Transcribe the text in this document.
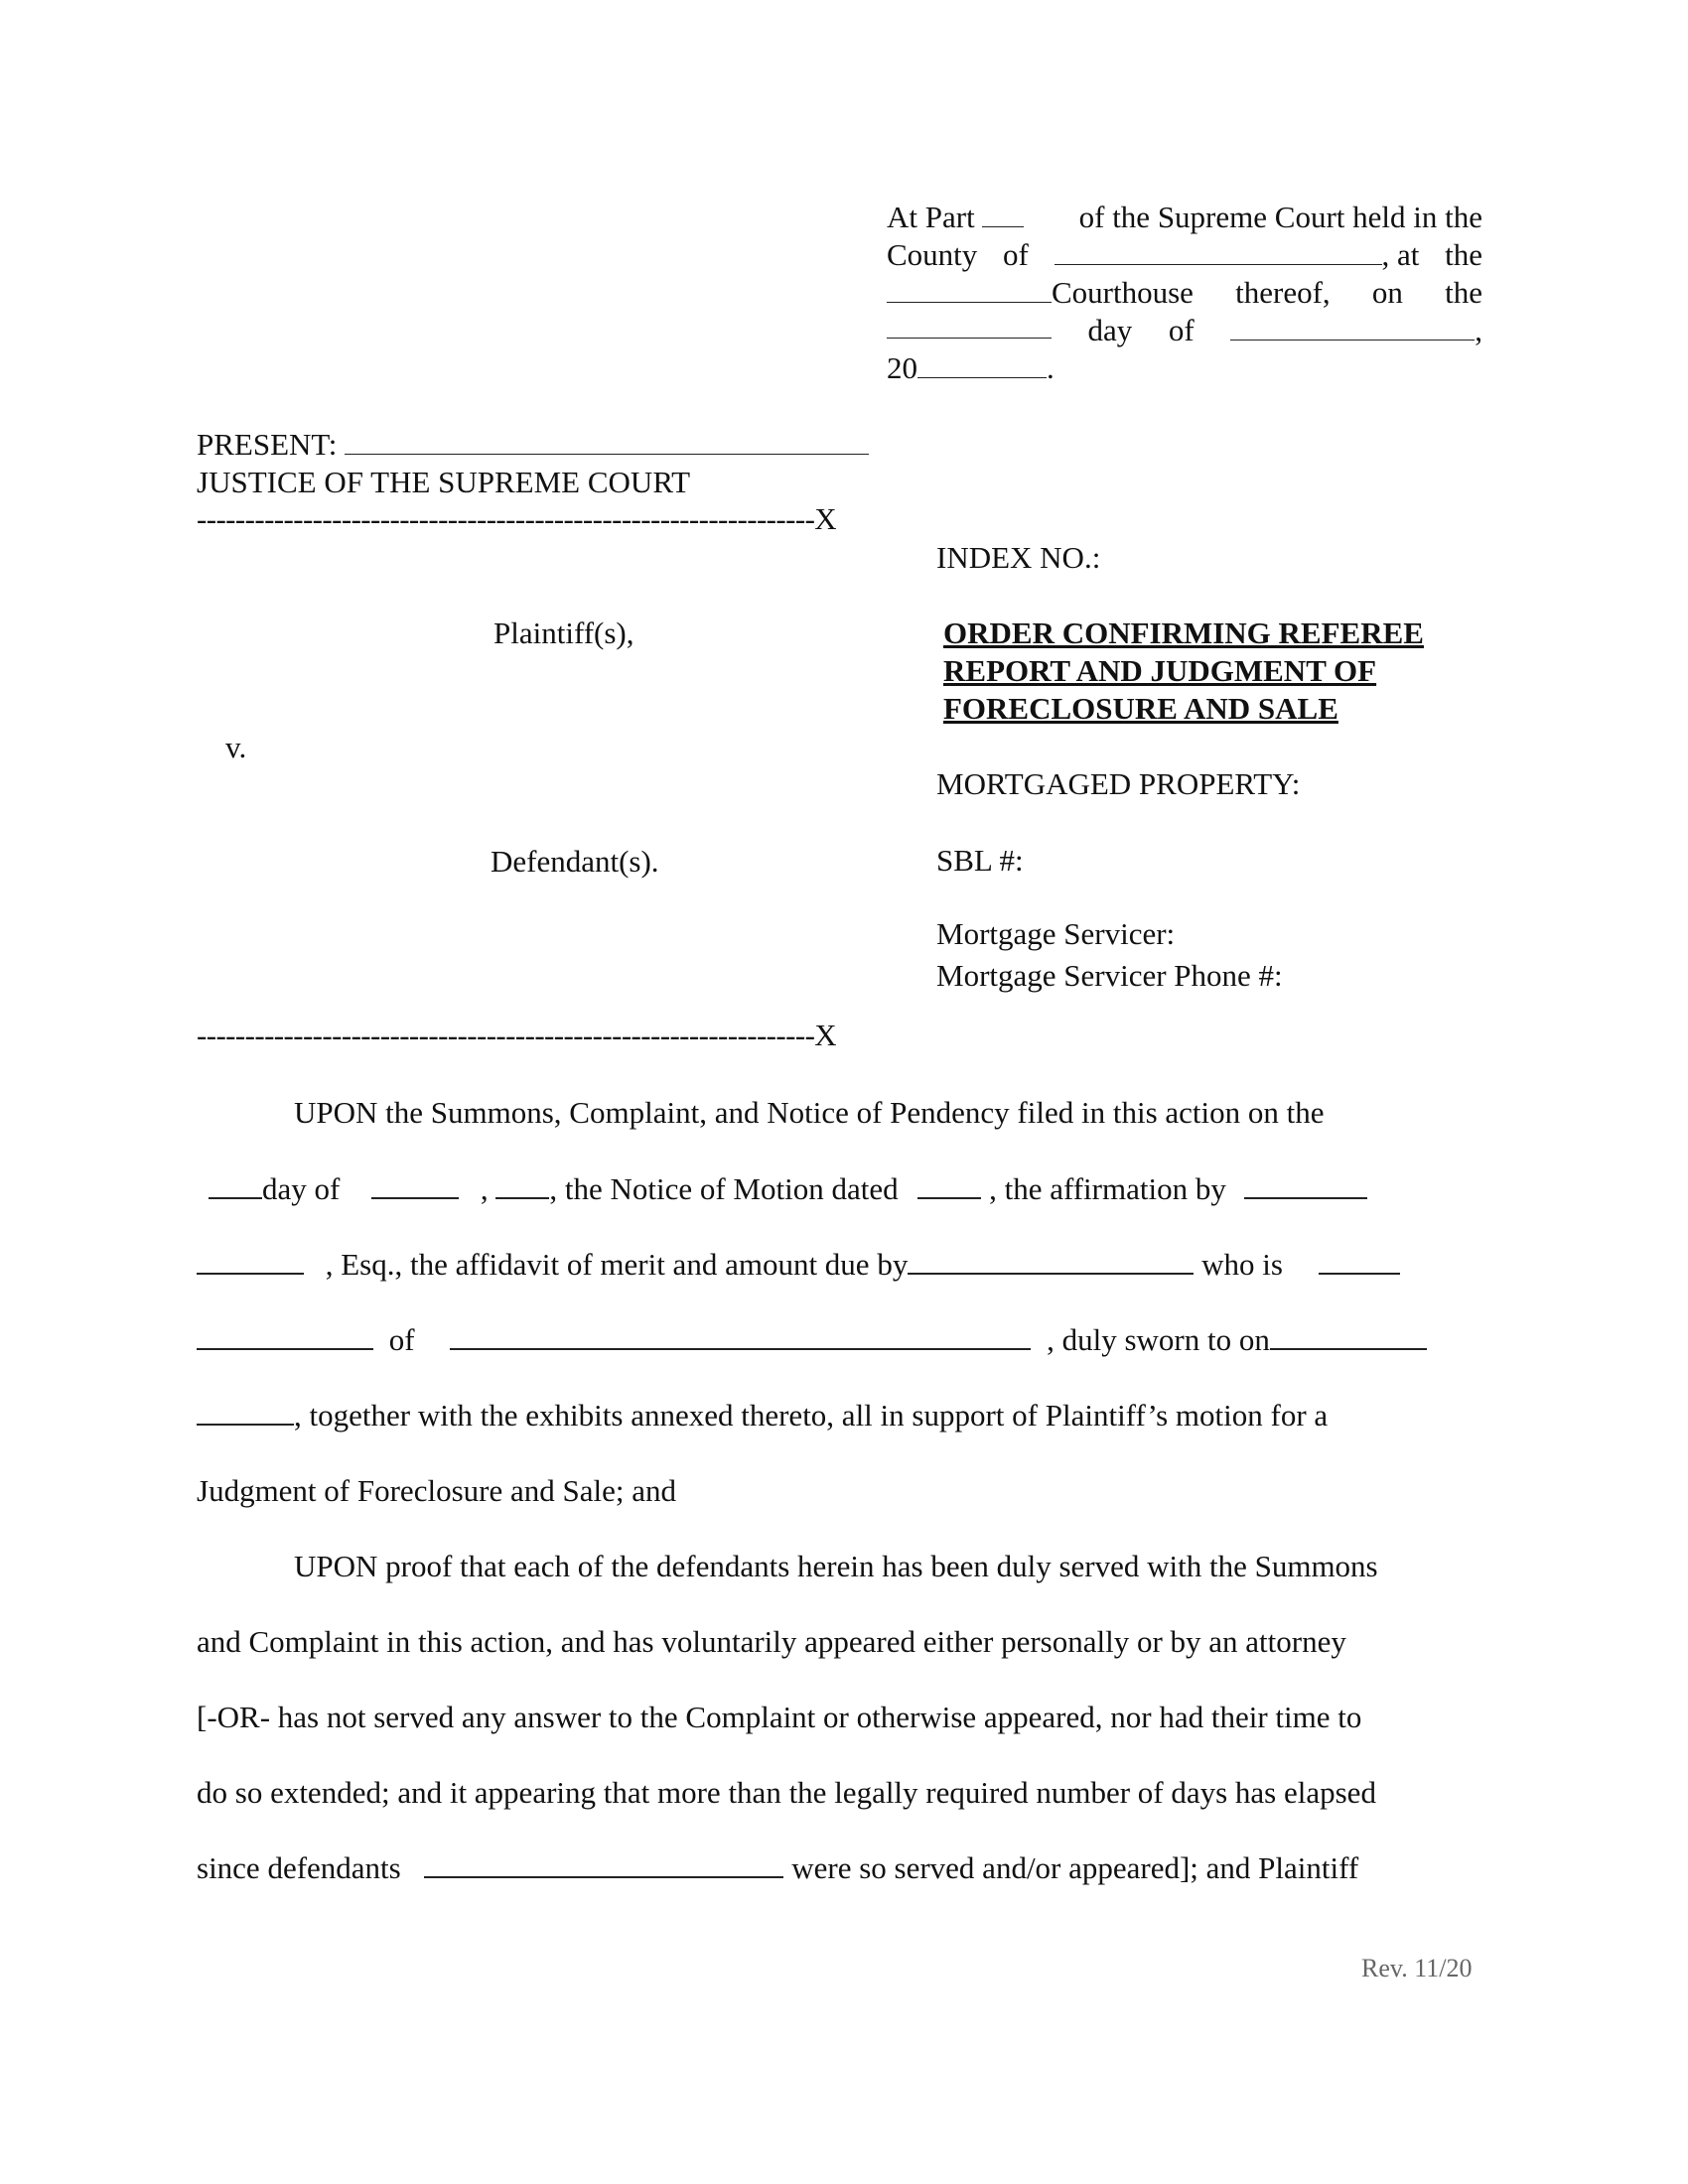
At Part	of the Supreme Court held in the
County of	, at the
Courthouse thereof, on the
day of	,
20	.
PRESENT:
JUSTICE OF THE SUPREME COURT
----------------------------------------------------------------X
----------------------------------------------------------------X
Plaintiff(s),
v.
Defendant(s).
INDEX NO.:
ORDER CONFIRMING REFEREE
REPORT AND JUDGMENT OF
FORECLOSURE AND SALE
MORTGAGED PROPERTY:
SBL #:
Mortgage Servicer:
Mortgage Servicer Phone #:
UPON the Summons, Complaint, and Notice of Pendency filed in this action on the
day of	, , the Notice of Motion dated	, the affirmation by
, Esq., the affidavit of merit and amount due by	who is
of	, duly sworn to on
, together with the exhibits annexed thereto, all in support of Plaintiff’s motion for a
Judgment of Foreclosure and Sale; and
UPON proof that each of the defendants herein has been duly served with the Summons
and Complaint in this action, and has voluntarily appeared either personally or by an attorney
[-OR- has not served any answer to the Complaint or otherwise appeared, nor had their time to
do so extended; and it appearing that more than the legally required number of days has elapsed
since defendants	were so served and/or appeared]; and Plaintiff
Rev. 11/20
